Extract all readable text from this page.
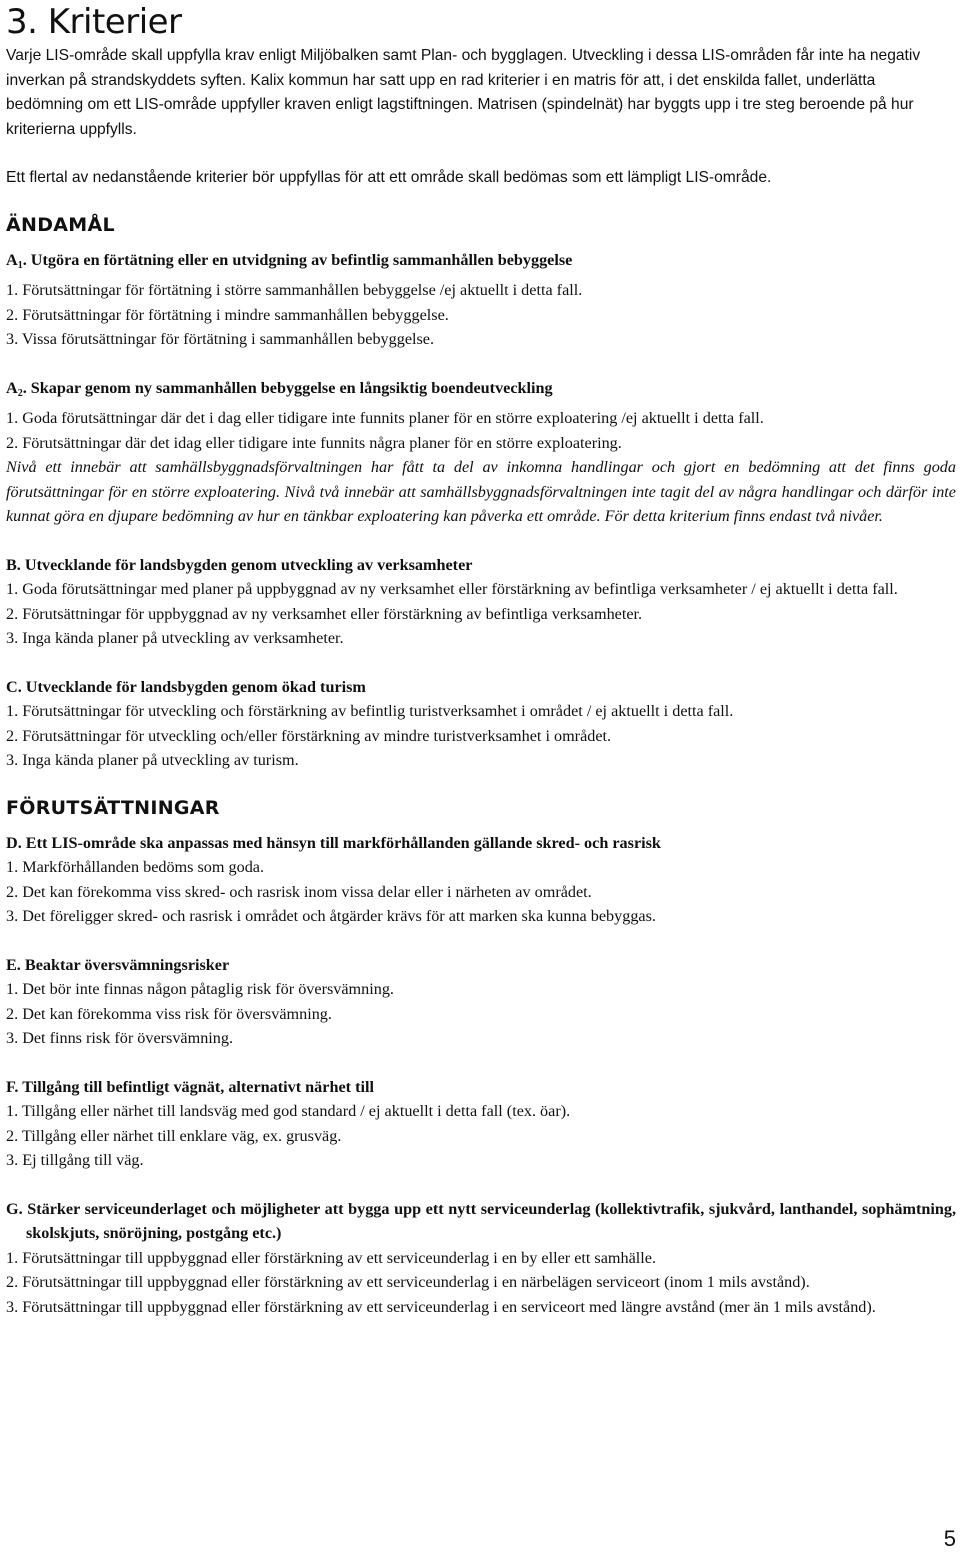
3. Kriterier

Varje LIS-område skall uppfylla krav enligt Miljöbalken samt Plan- och bygglagen. Utveckling i dessa LIS-områden får inte ha negativ inverkan på strandskyddets syften. Kalix kommun har satt upp en rad kriterier i en matris för att, i det enskilda fallet, underlätta bedömning om ett LIS-område uppfyller kraven enligt lagstiftningen. Matrisen (spindelnät) har byggts upp i tre steg beroende på hur kriterierna uppfylls.

Ett flertal av nedanstående kriterier bör uppfyllas för att ett område skall bedömas som ett lämpligt LIS-område.

ÄNDAMÅL

$A_1$. Utgöra en förtätning eller en utvidgning av befintlig sammanhållen bebyggelse

1. Förutsättningar för förtätning i större sammanhållen bebyggelse /ej aktuellt i detta fall.

2. Förutsättningar för förtätning i mindre sammanhållen bebyggelse.

3. Vissa förutsättningar för förtätning i sammanhållen bebyggelse.

$A_2$. Skapar genom ny sammanhållen bebyggelse en långsiktig boendeutveckling

1. Goda förutsättningar där det i dag eller tidigare inte funnits planer för en större exploatering /ej aktuellt i detta fall.

2. Förutsättningar där det idag eller tidigare inte funnits några planer för en större exploatering.

Nivå ett innebär att samhällsbyggnadsförvaltningen har fått ta del av inkomna handlingar och gjort en bedömning att det finns goda förutsättningar för en större exploatering. Nivå två innebär att samhällsbyggnadsförvaltningen inte tagit del av några handlingar och därför inte kunnat göra en djupare bedömning av hur en tänkbar exploatering kan påverka ett område. För detta kriterium finns endast två nivåer.

B. Utvecklande för landsbygden genom utveckling av verksamheter

1. Goda förutsättningar med planer på uppbyggnad av ny verksamhet eller förstärkning av befintliga verksamheter / ej aktuellt i detta fall.

2. Förutsättningar för uppbyggnad av ny verksamhet eller förstärkning av befintliga verksamheter.

3. Inga kända planer på utveckling av verksamheter.

C. Utvecklande för landsbygden genom ökad turism

1. Förutsättningar för utveckling och förstärkning av befintlig turistverksamhet i området / ej aktuellt i detta fall.

2. Förutsättningar för utveckling och/eller förstärkning av mindre turistverksamhet i området.

3. Inga kända planer på utveckling av turism.

FÖRUTSÄTTNINGAR

D. Ett LIS-område ska anpassas med hänsyn till markförhållanden gällande skred- och rasrisk

1. Markförhållanden bedöms som goda.

2. Det kan förekomma viss skred- och rasrisk inom vissa delar eller i närheten av området.

3. Det föreligger skred- och rasrisk i området och åtgärder krävs för att marken ska kunna bebyggas.

E. Beaktar översvämningsrisker

1. Det bör inte finnas någon påtaglig risk för översvämning.

2. Det kan förekomma viss risk för översvämning.

3. Det finns risk för översvämning.

F. Tillgång till befintligt vägnät, alternativt närhet till

1. Tillgång eller närhet till landsväg med god standard / ej aktuellt i detta fall (tex. öar).

2. Tillgång eller närhet till enklare väg, ex. grusväg.

3. Ej tillgång till väg.

G. Stärker serviceunderlaget och möjligheter att bygga upp ett nytt serviceunderlag (kollektivtrafik, sjukvård, lanthandel, sophämtning, skolskjuts, snöröjning, postgång etc.)

1. Förutsättningar till uppbyggnad eller förstärkning av ett serviceunderlag i en by eller ett samhälle.

2. Förutsättningar till uppbyggnad eller förstärkning av ett serviceunderlag i en närbelägen serviceort (inom 1 mils avstånd).

3. Förutsättningar till uppbyggnad eller förstärkning av ett serviceunderlag i en serviceort med längre avstånd (mer än 1 mils avstånd).

5
